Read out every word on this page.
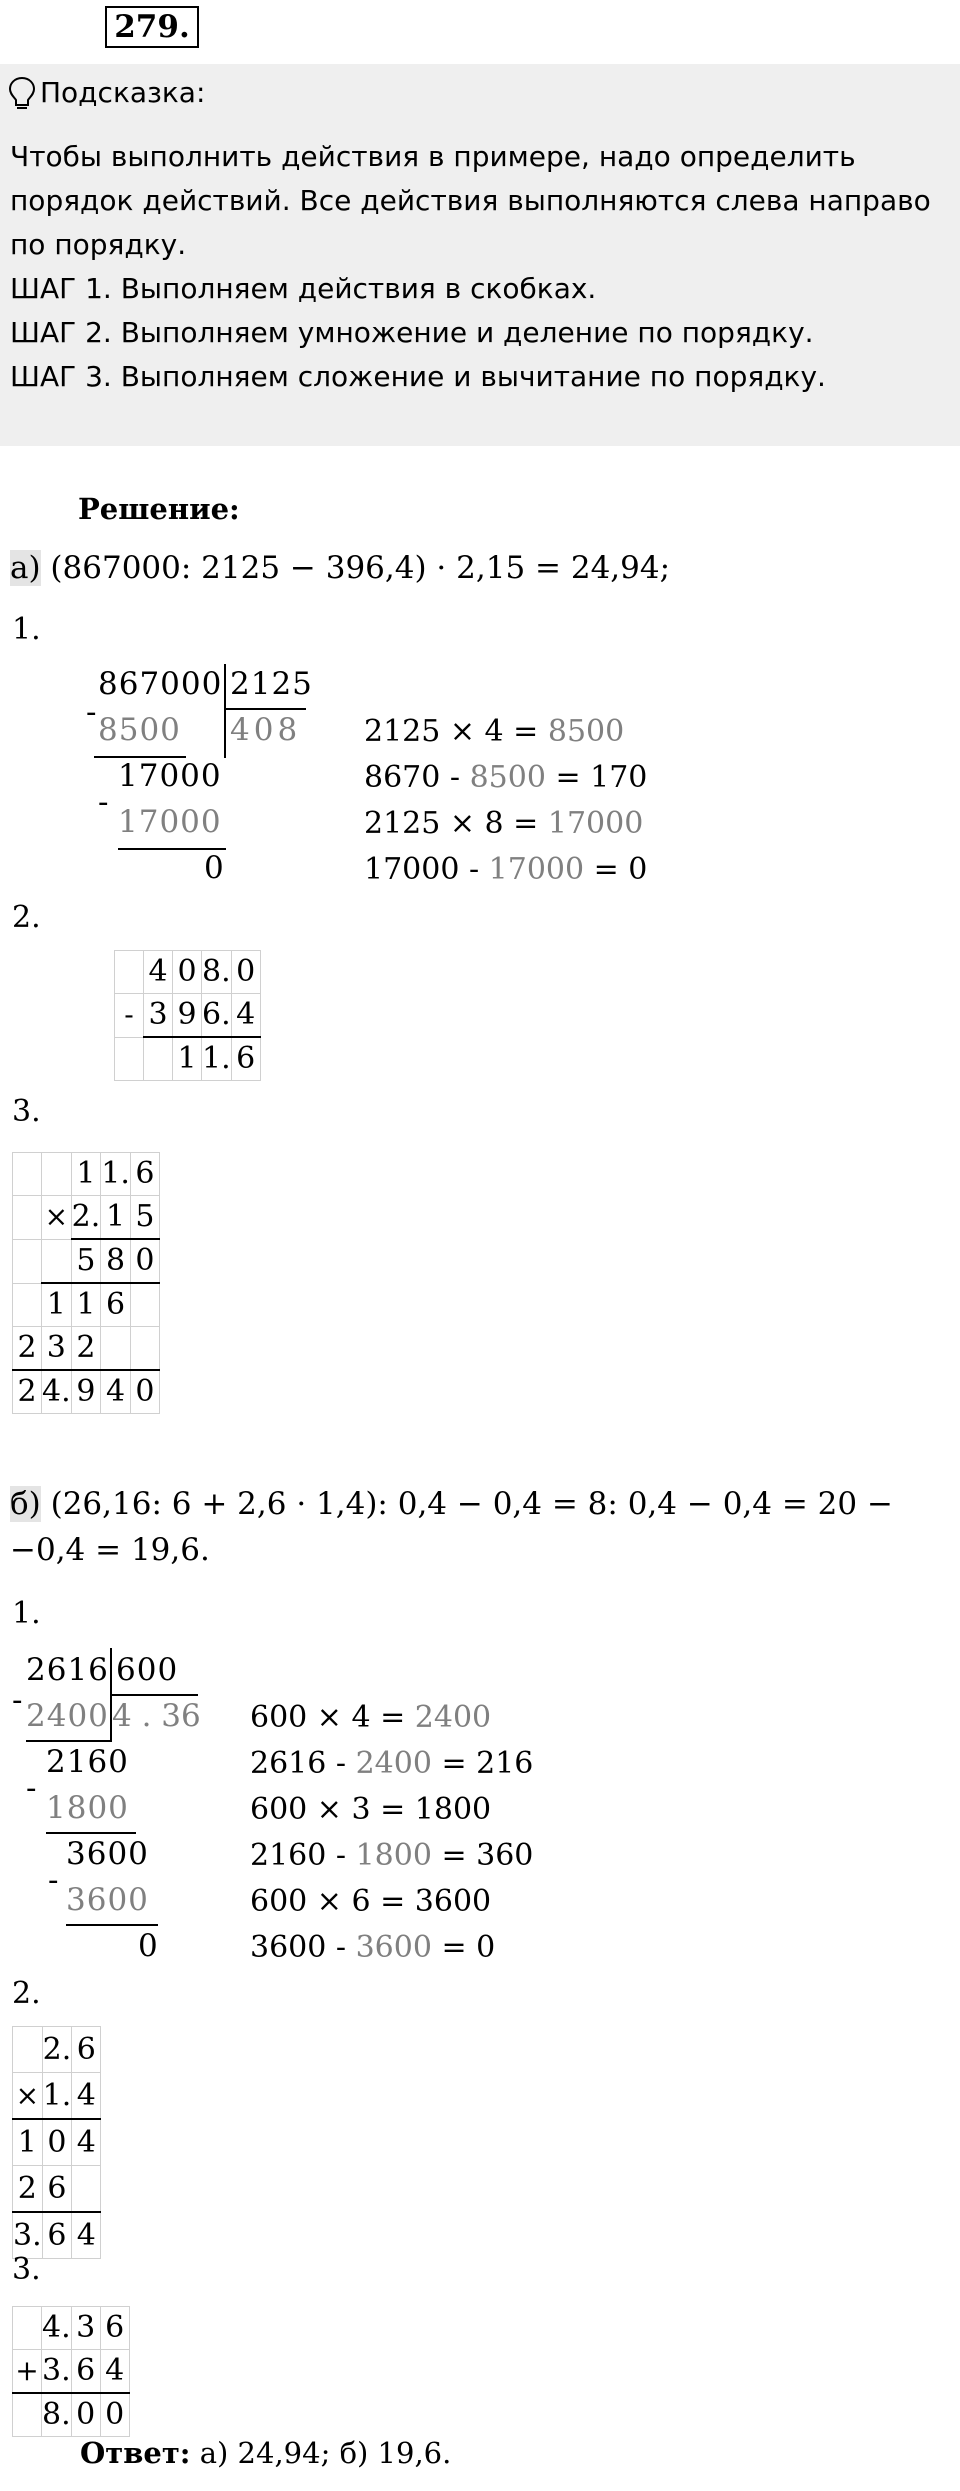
279.
Подсказка:
Чтобы выполнить действия в примере, надо определить
порядок действий. Все действия выполняются слева направо
по порядку.
ШАГ 1. Выполняем действия в скобках.
ШАГ 2. Выполняем умножение и деление по порядку.
ШАГ 3. Выполняем сложение и вычитание по порядку.
Решение:
а) (867000: 2125 − 396,4) · 2,15 = 24,94;
1.
867000 2125
- 8500 408
17000
-
17000
0
2125 × 4 = 8500
8670 - 8500 = 170
2125 × 8 = 17000
17000 - 17000 = 0
2.
	4	0	8.	0
-	3	9	6.	4
		1	1.	6
3.
		1	1.	6
	×	2.	1	5
		5	8	0
	1	1	6	
2	3	2		
2	4.	9	4	0
б) (26,16: 6 + 2,6 · 1,4): 0,4 − 0,4 = 8: 0,4 − 0,4 = 20 −
−0,4 = 19,6.
1.
2616 600
- 2400 4 . 36
2160
-
1800
3600
-
3600
0
600 × 4 = 2400
2616 - 2400 = 216
600 × 3 = 1800
2160 - 1800 = 360
600 × 6 = 3600
3600 - 3600 = 0
2.
	2.	6
×	1.	4
1	0	4
2	6	
3.	6	4
3.
	4.	3	6
+	3.	6	4
	8.	0	0
Ответ: а) 24,94; б) 19,6.
